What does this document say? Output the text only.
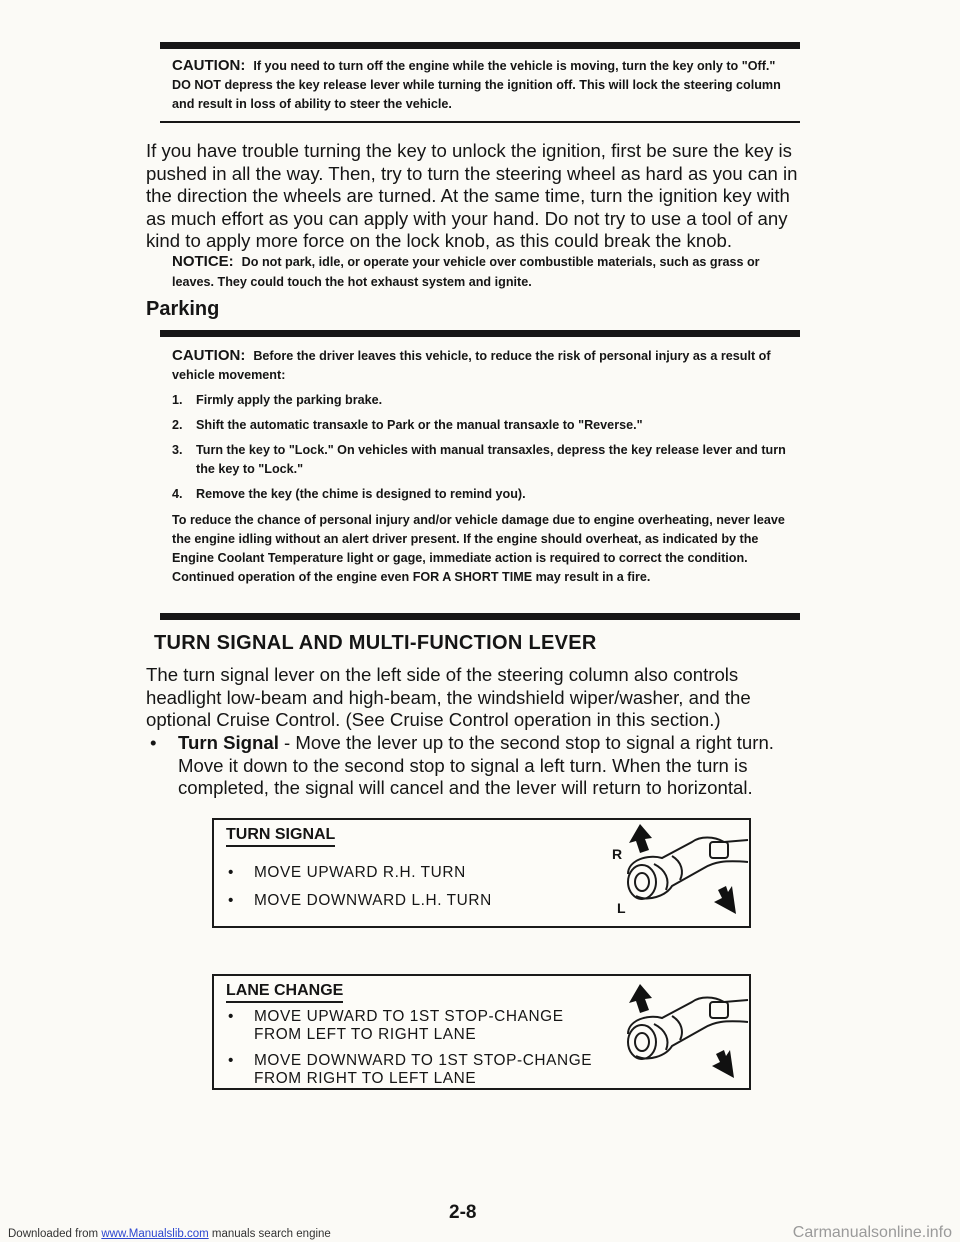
CAUTION: If you need to turn off the engine while the vehicle is moving, turn the key only to "Off." DO NOT depress the key release lever while turning the ignition off. This will lock the steering column and result in loss of ability to steer the vehicle.

If you have trouble turning the key to unlock the ignition, first be sure the key is pushed in all the way. Then, try to turn the steering wheel as hard as you can in the direction the wheels are turned. At the same time, turn the ignition key with as much effort as you can apply with your hand. Do not try to use a tool of any kind to apply more force on the lock knob, as this could break the knob.

NOTICE: Do not park, idle, or operate your vehicle over combustible materials, such as grass or leaves. They could touch the hot exhaust system and ignite.
Parking

CAUTION: Before the driver leaves this vehicle, to reduce the risk of personal injury as a result of vehicle movement:

1.	Firmly apply the parking brake.
2.	Shift the automatic transaxle to Park or the manual transaxle to "Reverse."
3.	Turn the key to "Lock." On vehicles with manual transaxles, depress the key release lever and turn the key to "Lock."
4.	Remove the key (the chime is designed to remind you).

To reduce the chance of personal injury and/or vehicle damage due to engine overheating, never leave the engine idling without an alert driver present. If the engine should overheat, as indicated by the Engine Coolant Temperature light or gage, immediate action is required to correct the condition. Continued operation of the engine even FOR A SHORT TIME may result in a fire.

TURN SIGNAL AND MULTI-FUNCTION LEVER

The turn signal lever on the left side of the steering column also controls headlight low-beam and high-beam, the windshield wiper/washer, and the optional Cruise Control. (See Cruise Control operation in this section.)

• Turn Signal - Move the lever up to the second stop to signal a right turn. Move it down to the second stop to signal a left turn. When the turn is completed, the signal will cancel and the lever will return to horizontal.
TURN SIGNAL
• MOVE UPWARD R.H. TURN
• MOVE DOWNWARD L.H. TURN
R
L
LANE CHANGE
• MOVE UPWARD TO 1ST STOP-CHANGE
FROM LEFT TO RIGHT LANE
• MOVE DOWNWARD TO 1ST STOP-CHANGE
FROM RIGHT TO LEFT LANE
2-8
Downloaded from www.Manualslib.com manuals search engine	Carmanualsonline.info
